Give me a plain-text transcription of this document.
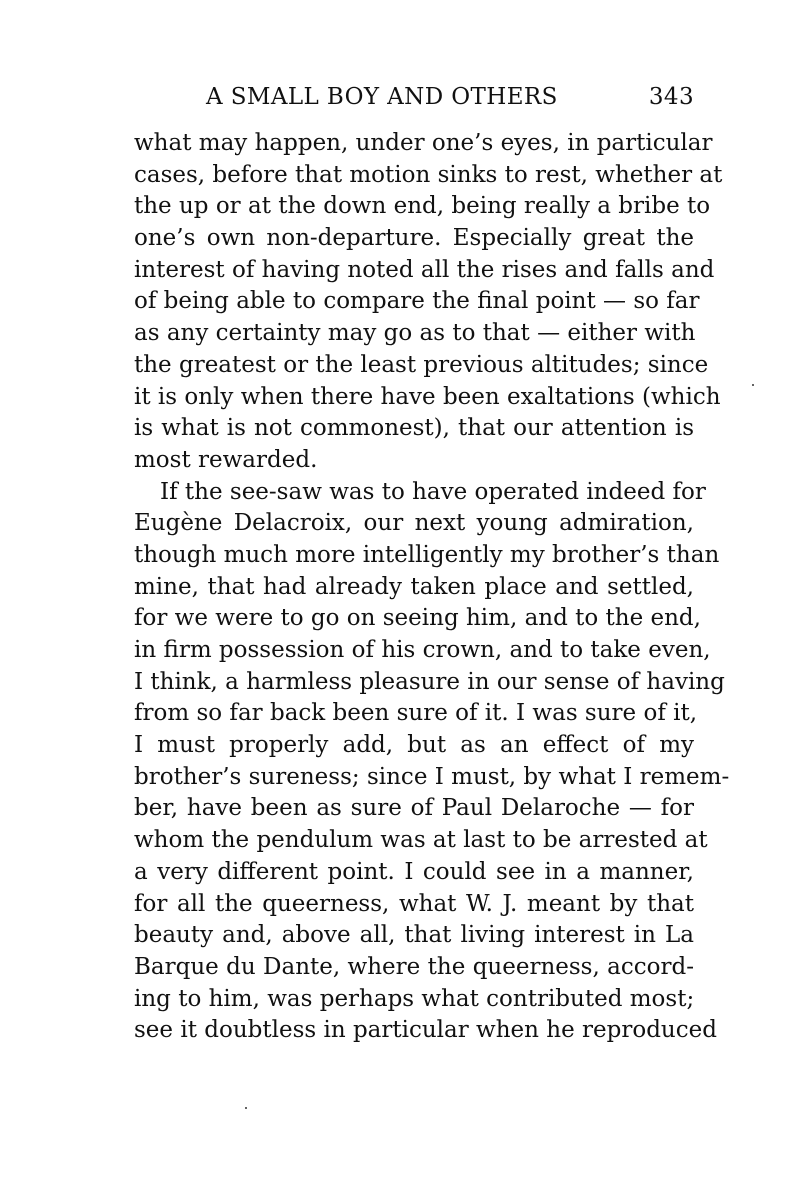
A SMALL BOY AND OTHERS	343
what may happen, under one’s eyes, in particular
cases, before that motion sinks to rest, whether at
the up or at the down end, being really a bribe to
one’s own non-departure. Especially great the
interest of having noted all the rises and falls and
of being able to compare the final point — so far
as any certainty may go as to that — either with
the greatest or the least previous altitudes; since
it is only when there have been exaltations (which
is what is not commonest), that our attention is
most rewarded.
If the see-saw was to have operated indeed for
Eugène Delacroix, our next young admiration,
though much more intelligently my brother’s than
mine, that had already taken place and settled,
for we were to go on seeing him, and to the end,
in firm possession of his crown, and to take even,
I think, a harmless pleasure in our sense of having
from so far back been sure of it. I was sure of it,
I must properly add, but as an effect of my
brother’s sureness; since I must, by what I remem-
ber, have been as sure of Paul Delaroche — for
whom the pendulum was at last to be arrested at
a very different point. I could see in a manner,
for all the queerness, what W. J. meant by that
beauty and, above all, that living interest in La
Barque du Dante, where the queerness, accord-
ing to him, was perhaps what contributed most;
see it doubtless in particular when he reproduced
